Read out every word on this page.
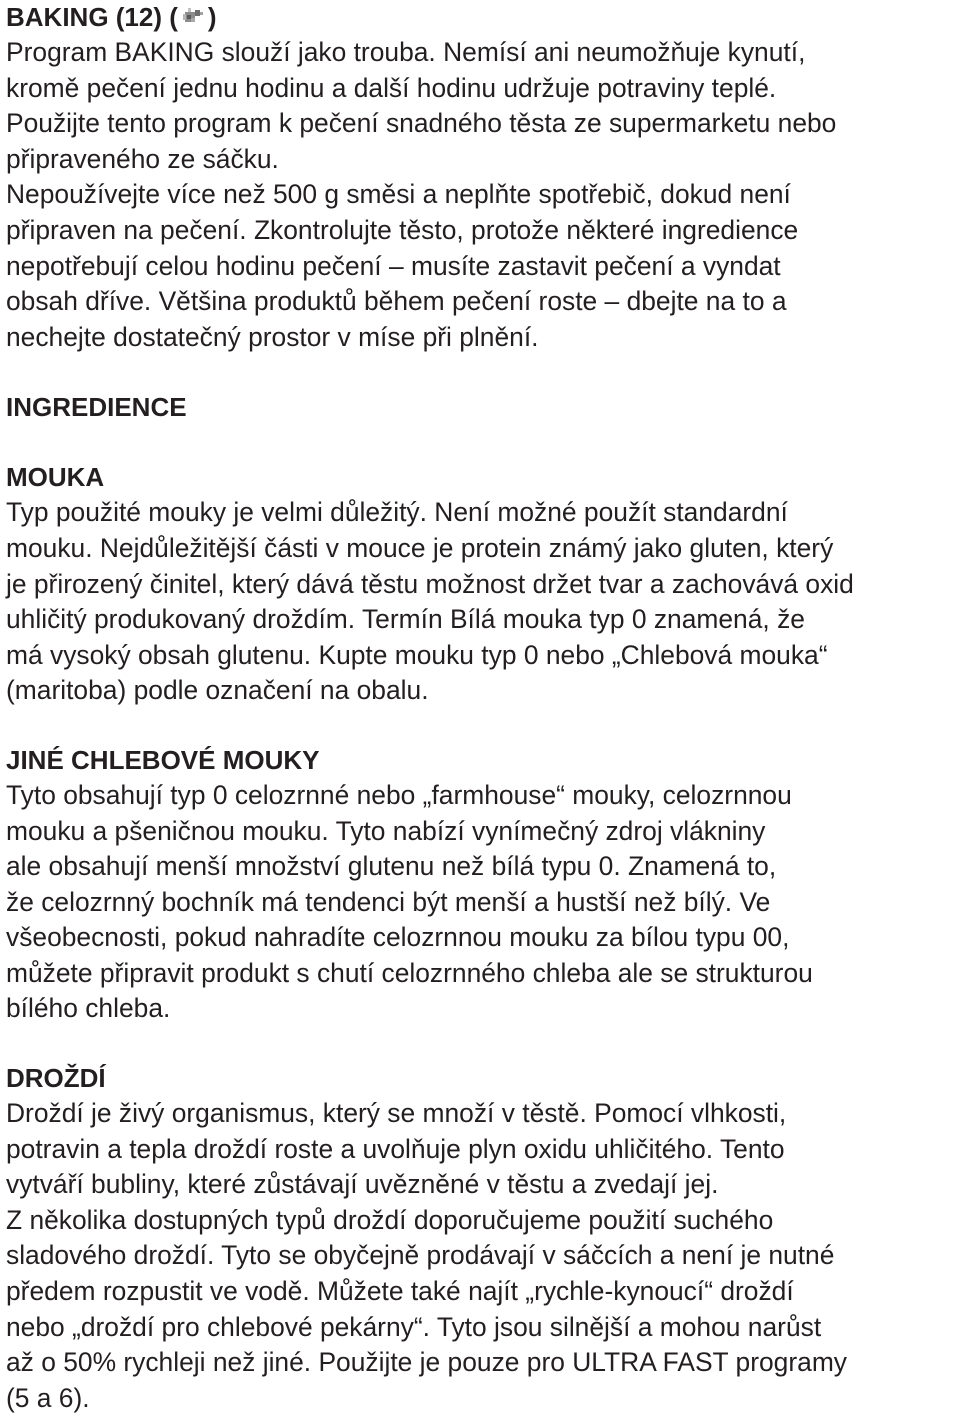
BAKING (12) ( )
Program BAKING slouží jako trouba. Nemísí ani neumožňuje kynutí,
kromě pečení jednu hodinu a další hodinu udržuje potraviny teplé.
Použijte tento program k pečení snadného těsta ze supermarketu nebo
připraveného ze sáčku.
Nepoužívejte více než 500 g směsi a neplňte spotřebič, dokud není
připraven na pečení. Zkontrolujte těsto, protože některé ingredience
nepotřebují celou hodinu pečení – musíte zastavit pečení a vyndat
obsah dříve. Většina produktů během pečení roste – dbejte na to a
nechejte dostatečný prostor v míse při plnění.
INGREDIENCE
MOUKA
Typ použité mouky je velmi důležitý. Není možné použít standardní
mouku. Nejdůležitější části v mouce je protein známý jako gluten, který
je přirozený činitel, který dává těstu možnost držet tvar a zachovává oxid
uhličitý produkovaný droždím. Termín Bílá mouka typ 0 znamená, že
má vysoký obsah glutenu. Kupte mouku typ 0 nebo „Chlebová mouka“
(maritoba) podle označení na obalu.
JINÉ CHLEBOVÉ MOUKY
Tyto obsahují typ 0 celozrnné nebo „farmhouse“ mouky, celozrnnou
mouku a pšeničnou mouku. Tyto nabízí vynímečný zdroj vlákniny
ale obsahují menší množství glutenu než bílá typu 0. Znamená to,
že celozrnný bochník má tendenci být menší a hustší než bílý. Ve
všeobecnosti, pokud nahradíte celozrnnou mouku za bílou typu 00,
můžete připravit produkt s chutí celozrnného chleba ale se strukturou
bílého chleba.
DROŽDÍ
Droždí je živý organismus, který se množí v těstě. Pomocí vlhkosti,
potravin a tepla droždí roste a uvolňuje plyn oxidu uhličitého. Tento
vytváří bubliny, které zůstávají uvězněné v těstu a zvedají jej.
Z několika dostupných typů droždí doporučujeme použití suchého
sladového droždí. Tyto se obyčejně prodávají v sáčcích a není je nutné
předem rozpustit ve vodě. Můžete také najít „rychle-kynoucí“ droždí
nebo „droždí pro chlebové pekárny“. Tyto jsou silnější a mohou narůst
až o 50% rychleji než jiné. Použijte je pouze pro ULTRA FAST programy
(5 a 6).
